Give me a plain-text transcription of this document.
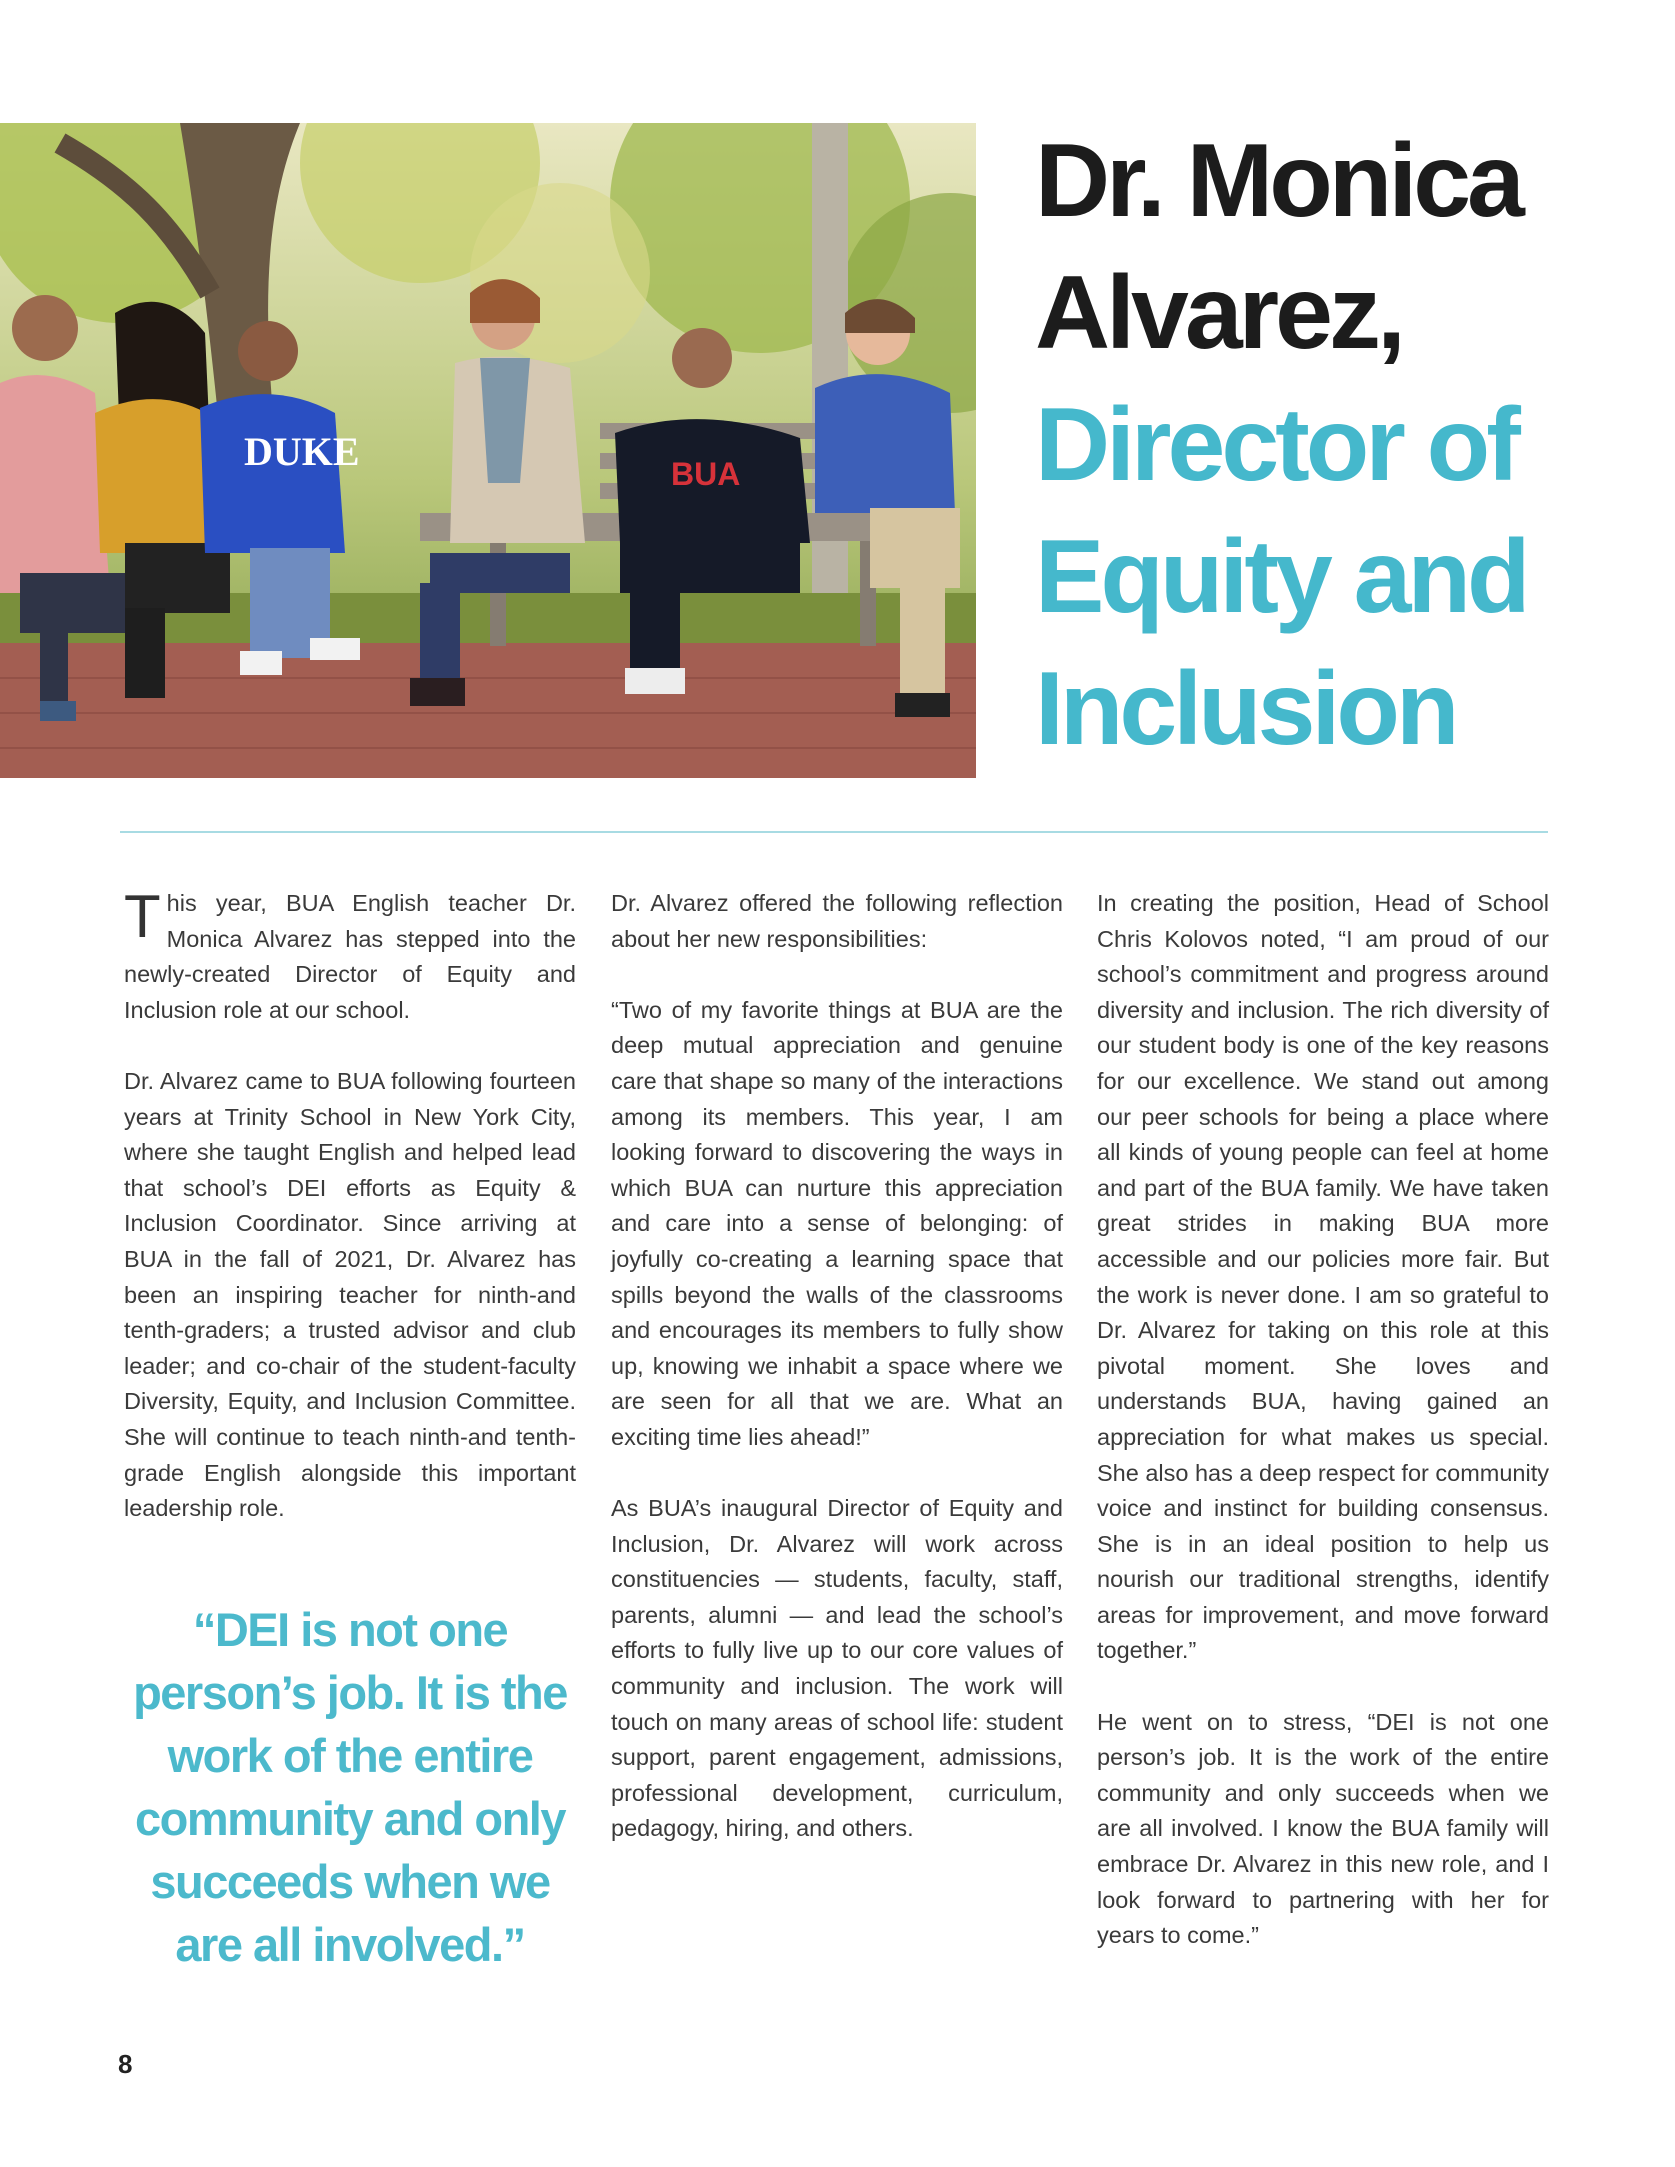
DUKE	BUA
Dr. Monica
Alvarez,
Director of
Equity and
Inclusion

This year, BUA English teacher Dr. Monica Alvarez has stepped into the newly-created Director of Equity and Inclusion role at our school.

Dr. Alvarez came to BUA following fourteen years at Trinity School in New York City, where she taught English and helped lead that school’s DEI efforts as Equity & Inclusion Coordinator. Since arriving at BUA in the fall of 2021, Dr. Alvarez has been an inspiring teacher for ninth-and tenth-graders; a trusted advisor and club leader; and co-chair of the student-faculty Diversity, Equity, and Inclusion Committee. She will continue to teach ninth-and tenth-grade English alongside this important leadership role.

“DEI is not one person’s job. It is the work of the entire community and only succeeds when we are all involved.”

Dr. Alvarez offered the following reflection about her new responsibilities:

“Two of my favorite things at BUA are the deep mutual appreciation and genuine care that shape so many of the interactions among its members. This year, I am looking forward to discovering the ways in which BUA can nurture this appreciation and care into a sense of belonging: of joyfully co-creating a learning space that spills beyond the walls of the classrooms and encourages its members to fully show up, knowing we inhabit a space where we are seen for all that we are. What an exciting time lies ahead!”

As BUA’s inaugural Director of Equity and Inclusion, Dr. Alvarez will work across constituencies — students, faculty, staff, parents, alumni — and lead the school’s efforts to fully live up to our core values of community and inclusion. The work will touch on many areas of school life: student support, parent engagement, admissions, professional development, curriculum, pedagogy, hiring, and others.

In creating the position, Head of School Chris Kolovos noted, “I am proud of our school’s commitment and progress around diversity and inclusion. The rich diversity of our student body is one of the key reasons for our excellence. We stand out among our peer schools for being a place where all kinds of young people can feel at home and part of the BUA family. We have taken great strides in making BUA more accessible and our policies more fair. But the work is never done. I am so grateful to Dr. Alvarez for taking on this role at this pivotal moment. She loves and understands BUA, having gained an appreciation for what makes us special. She also has a deep respect for community voice and instinct for building consensus. She is in an ideal position to help us nourish our traditional strengths, identify areas for improvement, and move forward together.”

He went on to stress, “DEI is not one person’s job. It is the work of the entire community and only succeeds when we are all involved. I know the BUA family will embrace Dr. Alvarez in this new role, and I look forward to partnering with her for years to come.”

8
